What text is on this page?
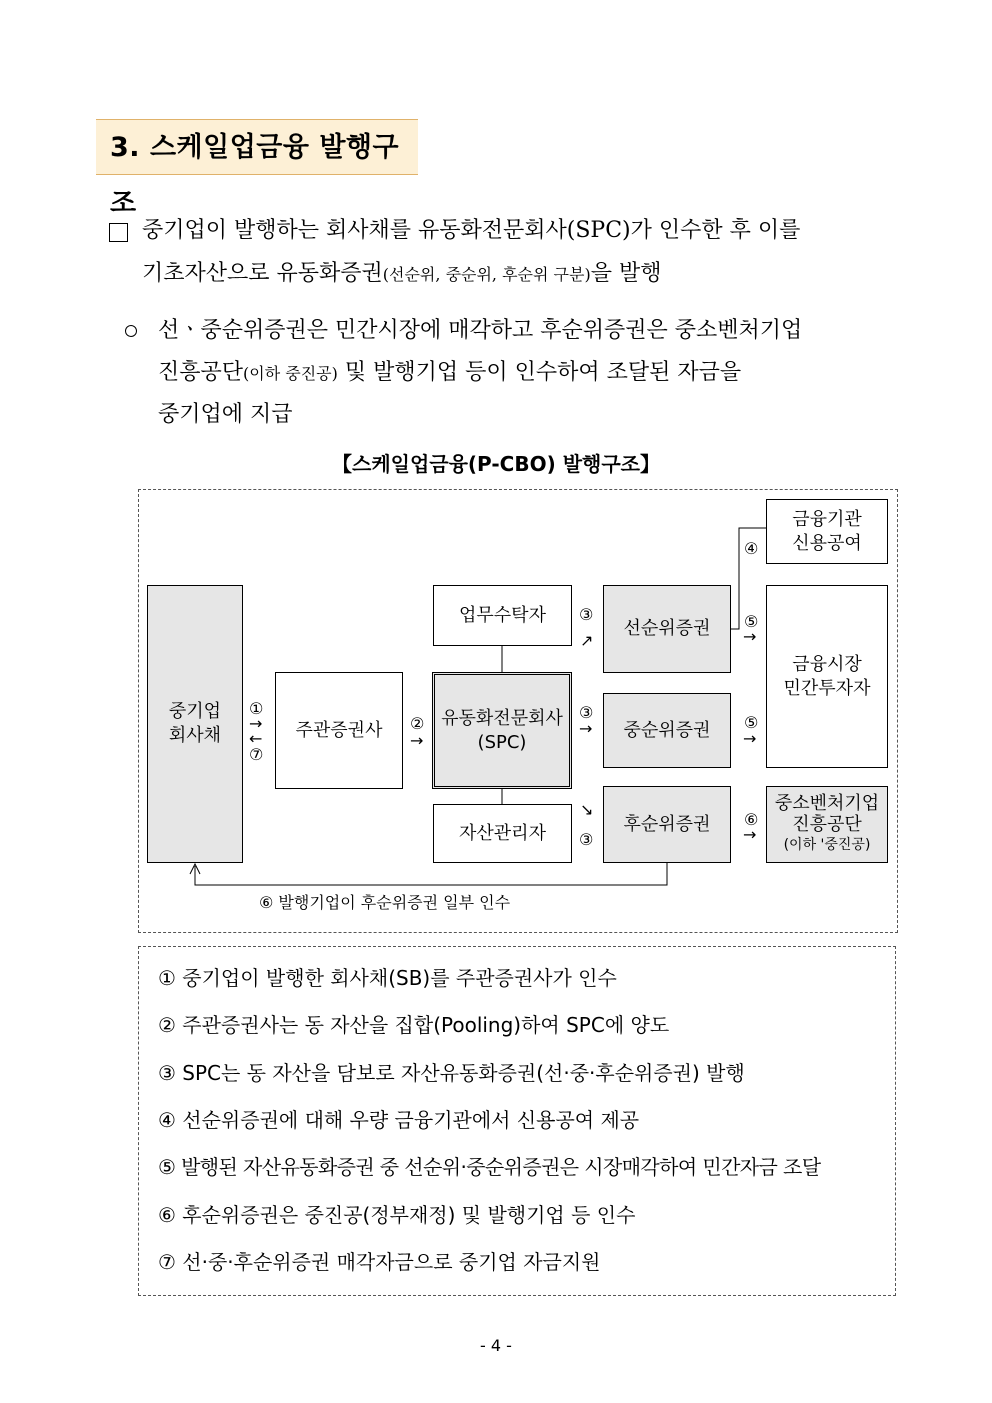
3. 스케일업금융 발행구조
중기업이 발행하는 회사채를 유동화전문회사(SPC)가 인수한 후 이를
기초자산으로 유동화증권(선순위, 중순위, 후순위 구분)을 발행
선ㆍ중순위증권은 민간시장에 매각하고 후순위증권은 중소벤처기업
진흥공단(이하 중진공) 및 발행기업 등이 인수하여 조달된 자금을
중기업에 지급
【스케일업금융(P-CBO) 발행구조】
중기업
회사채	주관증권사
유동화전문회사
(SPC)
업무수탁자
자산관리자
선순위증권
중순위증권
후순위증권
금융기관
신용공여
금융시장
민간투자자
중소벤처기업
진흥공단
(이하 '중진공)
①
→
←
⑦
②
→
③
↗
③
→
↘
③
④
⑤
→
⑤
→
⑥
→
⑥ 발행기업이 후순위증권 일부 인수
① 중기업이 발행한 회사채(SB)를 주관증권사가 인수
② 주관증권사는 동 자산을 집합(Pooling)하여 SPC에 양도
③ SPC는 동 자산을 담보로 자산유동화증권(선·중·후순위증권) 발행
④ 선순위증권에 대해 우량 금융기관에서 신용공여 제공
⑤ 발행된 자산유동화증권 중 선순위·중순위증권은 시장매각하여 민간자금 조달
⑥ 후순위증권은 중진공(정부재정) 및 발행기업 등 인수
⑦ 선·중·후순위증권 매각자금으로 중기업 자금지원
- 4 -
